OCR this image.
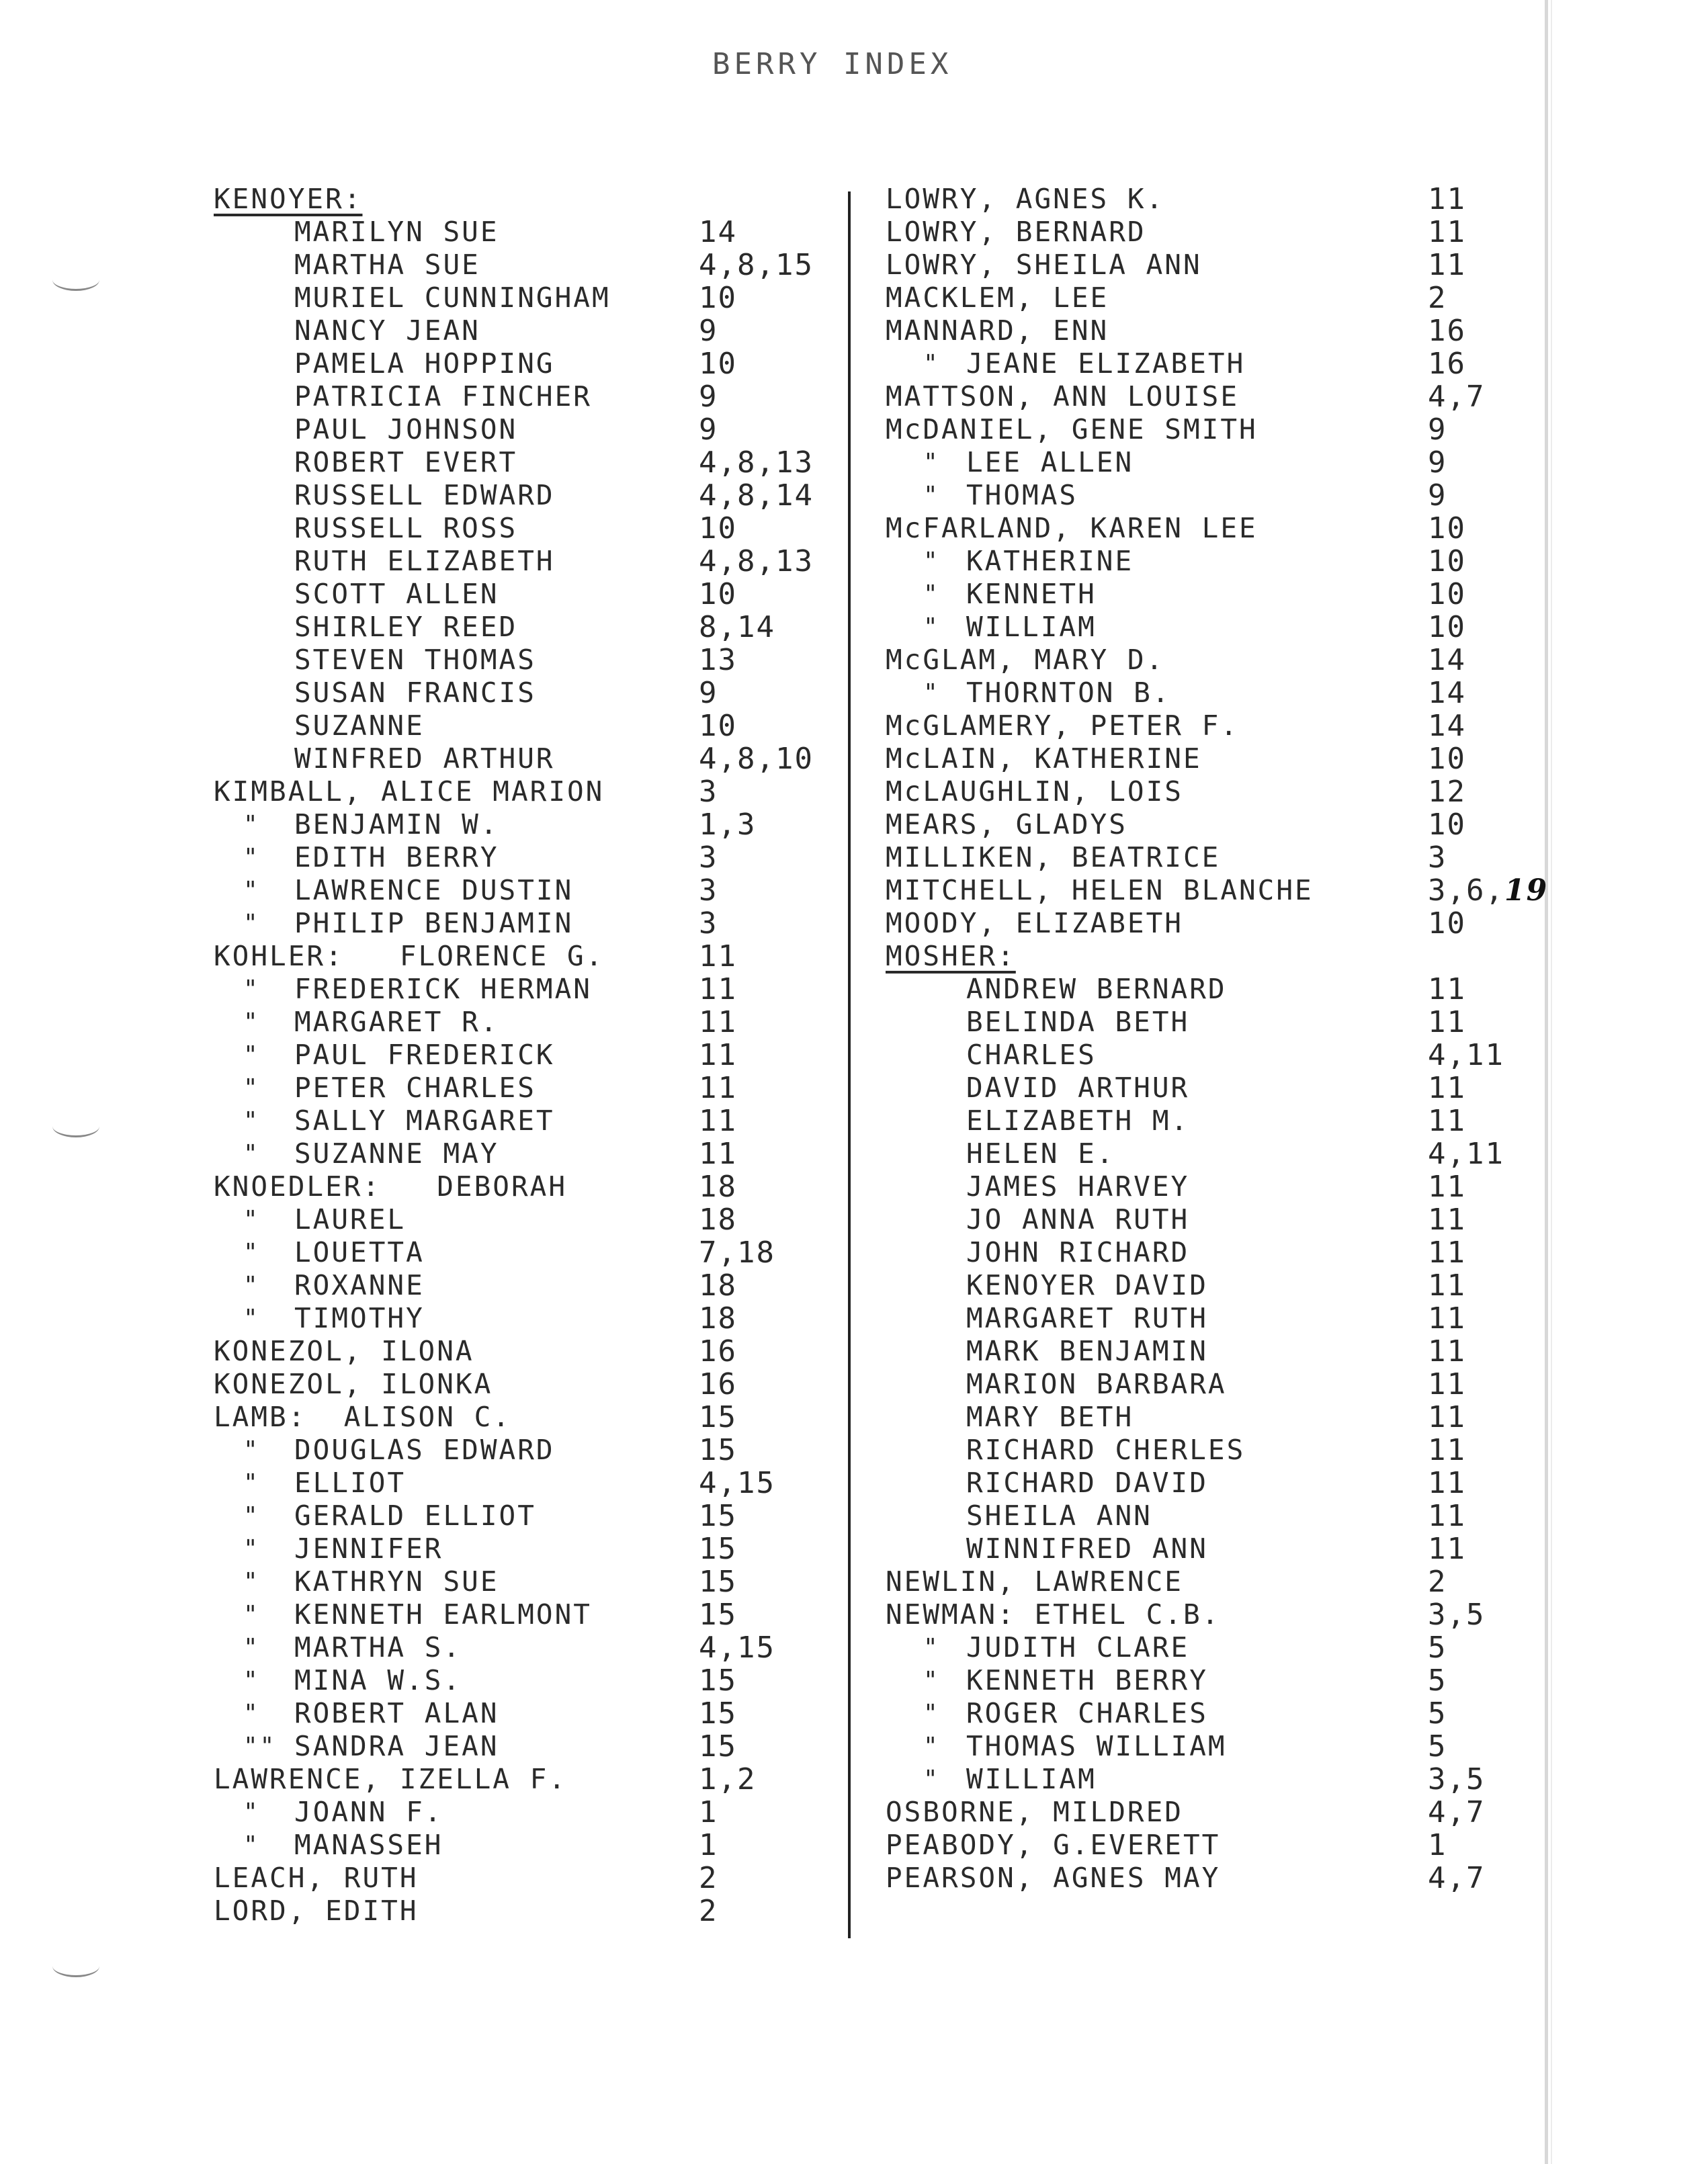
BERRY INDEX
KENOYER:
MARILYN SUE	14
MARTHA SUE	4,8,15
MURIEL CUNNINGHAM	10
NANCY JEAN	9
PAMELA HOPPING	10
PATRICIA FINCHER	9
PAUL JOHNSON	9
ROBERT EVERT	4,8,13
RUSSELL EDWARD	4,8,14
RUSSELL ROSS	10
RUTH ELIZABETH	4,8,13
SCOTT ALLEN	10
SHIRLEY REED	8,14
STEVEN THOMAS	13
SUSAN FRANCIS	9
SUZANNE	10
WINFRED ARTHUR	4,8,10
KIMBALL, ALICE MARION	3
" BENJAMIN W.	1,3
" EDITH BERRY	3
" LAWRENCE DUSTIN	3
" PHILIP BENJAMIN	3
KOHLER:   FLORENCE G.	11
" FREDERICK HERMAN	11
" MARGARET R.	11
" PAUL FREDERICK	11
" PETER CHARLES	11
" SALLY MARGARET	11
" SUZANNE MAY	11
KNOEDLER:   DEBORAH	18
" LAUREL	18
" LOUETTA	7,18
" ROXANNE	18
" TIMOTHY	18
KONEZOL, ILONA	16
KONEZOL, ILONKA	16
LAMB:  ALISON C.	15
" DOUGLAS EDWARD	15
" ELLIOT	4,15
" GERALD ELLIOT	15
" JENNIFER	15
" KATHRYN SUE	15
" KENNETH EARLMONT	15
" MARTHA S.	4,15
" MINA W.S.	15
" ROBERT ALAN	15
"" SANDRA JEAN	15
LAWRENCE, IZELLA F.	1,2
" JOANN F.	1
" MANASSEH	1
LEACH, RUTH	2
LORD, EDITH	2
LOWRY, AGNES K.	11
LOWRY, BERNARD	11
LOWRY, SHEILA ANN	11
MACKLEM, LEE	2
MANNARD, ENN	16
" JEANE ELIZABETH	16
MATTSON, ANN LOUISE	4,7
McDANIEL, GENE SMITH	9
" LEE ALLEN	9
" THOMAS	9
McFARLAND, KAREN LEE	10
" KATHERINE	10
" KENNETH	10
" WILLIAM	10
McGLAM, MARY D.	14
" THORNTON B.	14
McGLAMERY, PETER F.	14
McLAIN, KATHERINE	10
McLAUGHLIN, LOIS	12
MEARS, GLADYS	10
MILLIKEN, BEATRICE	3
MITCHELL, HELEN BLANCHE	3,6,19
MOODY, ELIZABETH	10
MOSHER:
ANDREW BERNARD	11
BELINDA BETH	11
CHARLES	4,11
DAVID ARTHUR	11
ELIZABETH M.	11
HELEN E.	4,11
JAMES HARVEY	11
JO ANNA RUTH	11
JOHN RICHARD	11
KENOYER DAVID	11
MARGARET RUTH	11
MARK BENJAMIN	11
MARION BARBARA	11
MARY BETH	11
RICHARD CHERLES	11
RICHARD DAVID	11
SHEILA ANN	11
WINNIFRED ANN	11
NEWLIN, LAWRENCE	2
NEWMAN: ETHEL C.B.	3,5
" JUDITH CLARE	5
" KENNETH BERRY	5
" ROGER CHARLES	5
" THOMAS WILLIAM	5
" WILLIAM	3,5
OSBORNE, MILDRED	4,7
PEABODY, G.EVERETT	1
PEARSON, AGNES MAY	4,7
